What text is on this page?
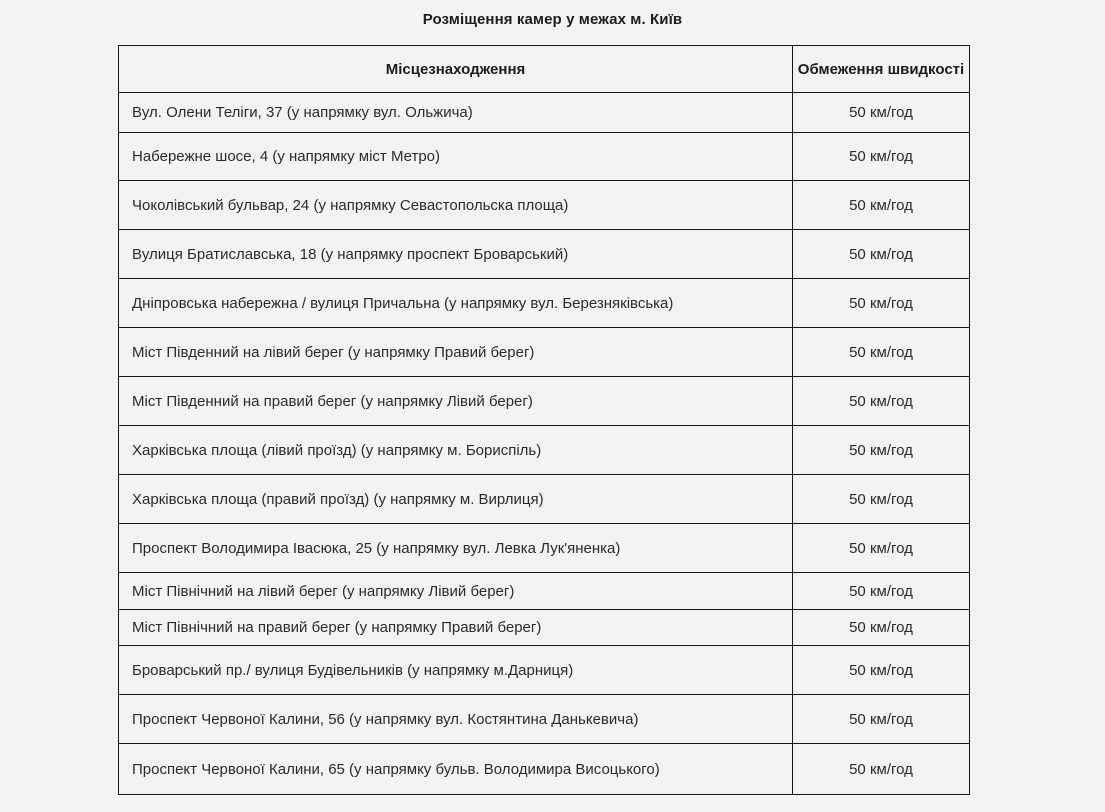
Розміщення камер у межах м. Київ
Місцезнаходження	Обмеження швидкості
Вул. Олени Теліги, 37 (у напрямку вул. Ольжича)	50 км/год
Набережне шосе, 4 (у напрямку міст Метро)	50 км/год
Чоколівський бульвар, 24 (у напрямку Севастопольска площа)	50 км/год
Вулиця Братиславська, 18 (у напрямку проспект Броварський)	50 км/год
Дніпровська набережна / вулиця Причальна (у напрямку вул. Березняківська)	50 км/год
Міст Південний на лівий берег (у напрямку Правий берег)	50 км/год
Міст Південний на правий берег (у напрямку Лівий берег)	50 км/год
Харківська площа (лівий проїзд) (у напрямку м. Бориспіль)	50 км/год
Харківська площа (правий проїзд) (у напрямку м. Вирлиця)	50 км/год
Проспект Володимира Івасюка, 25 (у напрямку вул. Левка Лук'яненка)	50 км/год
Міст Північний на лівий берег (у напрямку Лівий берег)	50 км/год
Міст Північний на правий берег (у напрямку Правий берег)	50 км/год
Броварський пр./ вулиця Будівельників (у напрямку м.Дарниця)	50 км/год
Проспект Червоної Калини, 56 (у напрямку вул. Костянтина Данькевича)	50 км/год
Проспект Червоної Калини, 65 (у напрямку бульв. Володимира Висоцького)	50 км/год
